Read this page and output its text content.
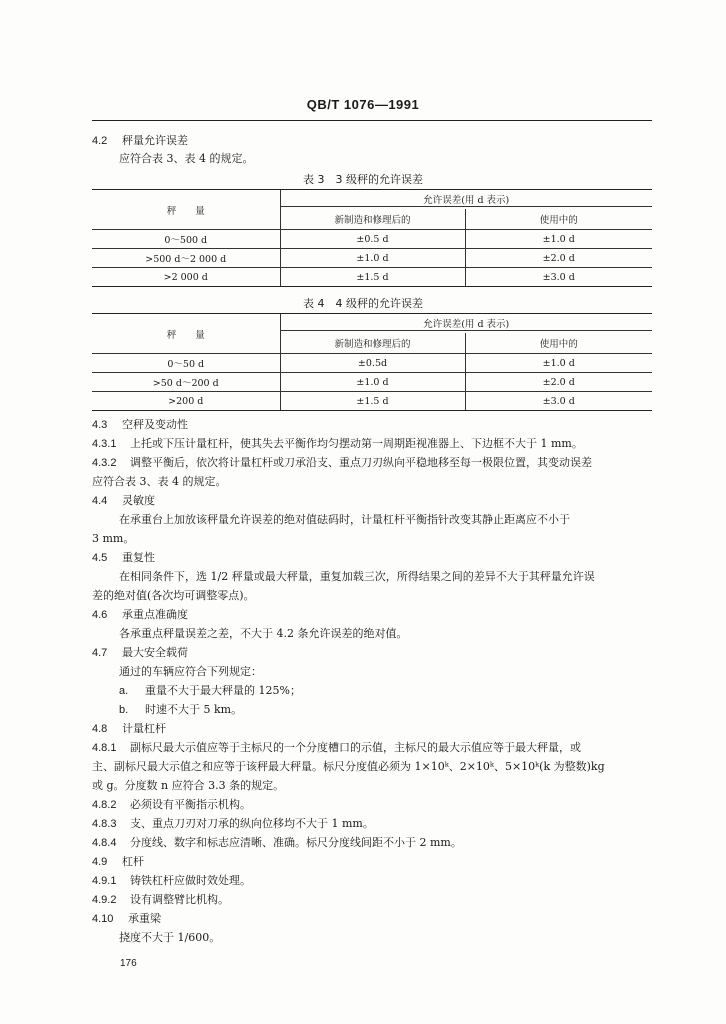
QB/T 1076—1991
4.2 秤量允许误差
应符合表 3、表 4 的规定。
表 3　3 级秤的允许误差
秤　　量	允许误差(用 d 表示)	

	新制造和修理后的	使用中的
0～500 d	±0.5 d	±1.0 d
>500 d～2 000 d	±1.0 d	±2.0 d
>2 000 d	±1.5 d	±3.0 d
表 4　4 级秤的允许误差
秤　　量	允许误差(用 d 表示)	

	新制造和修理后的	使用中的
0～50 d	±0.5d	±1.0 d
>50 d～200 d	±1.0 d	±2.0 d
>200 d	±1.5 d	±3.0 d
4.3 空秤及变动性
4.3.1 上托或下压计量杠杆，使其失去平衡作均匀摆动第一周期距视准器上、下边框不大于 1 mm。
4.3.2 调整平衡后，依次将计量杠杆或刀承沿支、重点刀刃纵向平稳地移至每一极限位置，其变动误差
应符合表 3、表 4 的规定。
4.4 灵敏度
在承重台上加放该秤量允许误差的绝对值砝码时，计量杠杆平衡指针改变其静止距离应不小于
3 mm。
4.5 重复性
在相同条件下，选 1/2 秤量或最大秤量，重复加载三次，所得结果之间的差异不大于其秤量允许误
差的绝对值(各次均可调整零点)。
4.6 承重点准确度
各承重点秤量误差之差，不大于 4.2 条允许误差的绝对值。
4.7 最大安全载荷
通过的车辆应符合下列规定：
a. 重量不大于最大秤量的 125%；
b. 时速不大于 5 km。
4.8 计量杠杆
4.8.1 副标尺最大示值应等于主标尺的一个分度槽口的示值，主标尺的最大示值应等于最大秤量，或
主、副标尺最大示值之和应等于该秤最大秤量。标尺分度值必须为 1×10ᵏ、2×10ᵏ、5×10ᵏ(k 为整数)kg
或 g。分度数 n 应符合 3.3 条的规定。
4.8.2 必须设有平衡指示机构。
4.8.3 支、重点刀刃对刀承的纵向位移均不大于 1 mm。
4.8.4 分度线、数字和标志应清晰、准确。标尺分度线间距不小于 2 mm。
4.9 杠杆
4.9.1 铸铁杠杆应做时效处理。
4.9.2 设有调整臂比机构。
4.10 承重梁
挠度不大于 1/600。
176
